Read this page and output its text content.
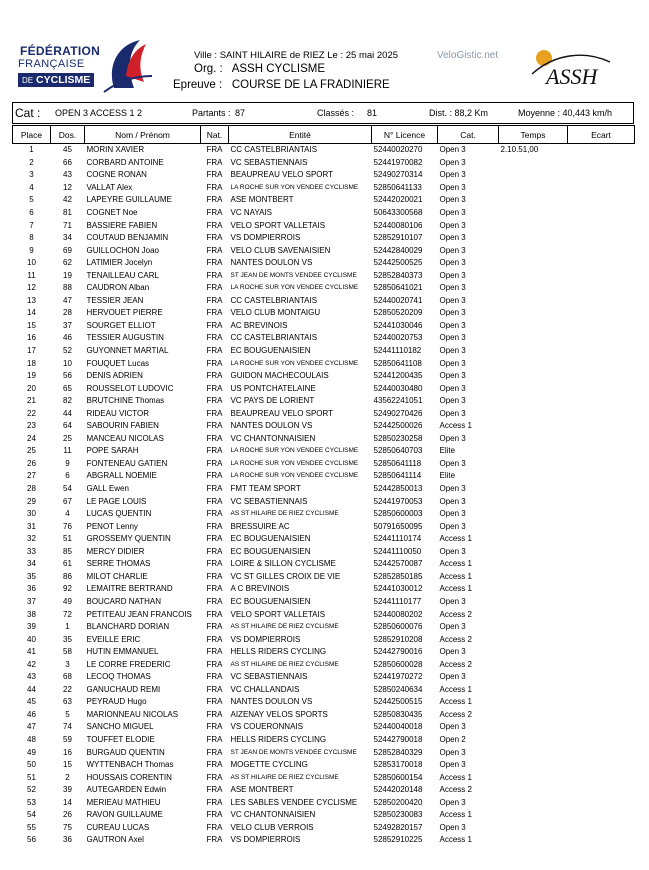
FÉDÉRATION
FRANÇAISE
DE CYCLISME
Ville : SAINT HILAIRE de RIEZ Le : 25 mai 2025	VeloGistic.net
Org. : ASSH CYCLISME
Epreuve : COURSE DE LA FRADINIERE	ASSH
Cat : OPEN 3 ACCESS 1 2	Partants : 87	Classés : 81	Dist. : 88,2 Km	Moyenne : 40,443 km/h
Place	Dos.	Nom / Prénom	Nat.	Entité	N° Licence	Cat.	Temps	Ecart
1	45	MORIN XAVIER	FRA	CC CASTELBRIANTAIS	52440020270	Open 3	2.10.51,00	
2	66	CORBARD ANTOINE	FRA	VC SEBASTIENNAIS	52441970082	Open 3		
3	43	COGNE RONAN	FRA	BEAUPREAU VELO SPORT	52490270314	Open 3		
4	12	VALLAT Alex	FRA	LA ROCHE SUR YON VENDEE CYCLISME	52850641133	Open 3		
5	42	LAPEYRE GUILLAUME	FRA	ASE MONTBERT	52442020021	Open 3		
6	81	COGNET Noe	FRA	VC NAYAIS	50643300568	Open 3		
7	71	BASSIERE FABIEN	FRA	VELO SPORT VALLETAIS	52440080106	Open 3		
8	34	COUTAUD BENJAMIN	FRA	VS DOMPIERROIS	52852910107	Open 3		
9	69	GUILLOCHON Joao	FRA	VELO CLUB SAVENAISIEN	52442840029	Open 3		
10	62	LATIMIER Jocelyn	FRA	NANTES DOULON VS	52442500525	Open 3		
11	19	TENAILLEAU CARL	FRA	ST JEAN DE MONTS VENDEE CYCLISME	52852840373	Open 3		
12	88	CAUDRON Alban	FRA	LA ROCHE SUR YON VENDEE CYCLISME	52850641021	Open 3		
13	47	TESSIER JEAN	FRA	CC CASTELBRIANTAIS	52440020741	Open 3		
14	28	HERVOUET PIERRE	FRA	VELO CLUB MONTAIGU	52850520209	Open 3		
15	37	SOURGET ELLIOT	FRA	AC BREVINOIS	52441030046	Open 3		
16	46	TESSIER AUGUSTIN	FRA	CC CASTELBRIANTAIS	52440020753	Open 3		
17	52	GUYONNET MARTIAL	FRA	EC BOUGUENAISIEN	52441110182	Open 3		
18	10	FOUQUET Lucas	FRA	LA ROCHE SUR YON VENDEE CYCLISME	52850641108	Open 3		
19	56	DENIS ADRIEN	FRA	GUIDON MACHECOULAIS	52441200435	Open 3		
20	65	ROUSSELOT LUDOVIC	FRA	US PONTCHATELAINE	52440030480	Open 3		
21	82	BRUTCHINE Thomas	FRA	VC PAYS DE LORIENT	43562241051	Open 3		
22	44	RIDEAU VICTOR	FRA	BEAUPREAU VELO SPORT	52490270426	Open 3		
23	64	SABOURIN FABIEN	FRA	NANTES DOULON VS	52442500026	Access 1		
24	25	MANCEAU NICOLAS	FRA	VC CHANTONNAISIEN	52850230258	Open 3		
25	11	POPE SARAH	FRA	LA ROCHE SUR YON VENDEE CYCLISME	52850640703	Elite		
26	9	FONTENEAU GATIEN	FRA	LA ROCHE SUR YON VENDEE CYCLISME	52850641118	Open 3		
27	6	ABGRALL NOEMIE	FRA	LA ROCHE SUR YON VENDEE CYCLISME	52850641114	Elite		
28	54	GALL Ewen	FRA	FMT TEAM SPORT	52442850013	Open 3		
29	67	LE PAGE LOUIS	FRA	VC SEBASTIENNAIS	52441970053	Open 3		
30	4	LUCAS QUENTIN	FRA	AS ST HILAIRE DE RIEZ CYCLISME	52850600003	Open 3		
31	76	PENOT Lenny	FRA	BRESSUIRE AC	50791650095	Open 3		
32	51	GROSSEMY QUENTIN	FRA	EC BOUGUENAISIEN	52441110174	Access 1		
33	85	MERCY DIDIER	FRA	EC BOUGUENAISIEN	52441110050	Open 3		
34	61	SERRE THOMAS	FRA	LOIRE & SILLON CYCLISME	52442570087	Access 1		
35	86	MILOT CHARLIE	FRA	VC ST GILLES CROIX DE VIE	52852850185	Access 1		
36	92	LEMAITRE BERTRAND	FRA	A C BREVINOIS	52441030012	Access 1		
37	49	BOUCARD NATHAN	FRA	EC BOUGUENAISIEN	52441110177	Open 3		
38	72	PETITEAU JEAN FRANCOIS	FRA	VELO SPORT VALLETAIS	52440080202	Access 2		
39	1	BLANCHARD DORIAN	FRA	AS ST HILAIRE DE RIEZ CYCLISME	52850600076	Open 3		
40	35	EVEILLE ERIC	FRA	VS DOMPIERROIS	52852910208	Access 2		
41	58	HUTIN EMMANUEL	FRA	HELLS RIDERS CYCLING	52442790016	Open 3		
42	3	LE CORRE FREDERIC	FRA	AS ST HILAIRE DE RIEZ CYCLISME	52850600028	Access 2		
43	68	LECOQ THOMAS	FRA	VC SEBASTIENNAIS	52441970272	Open 3		
44	22	GANUCHAUD REMI	FRA	VC CHALLANDAIS	52850240634	Access 1		
45	63	PEYRAUD Hugo	FRA	NANTES DOULON VS	52442500515	Access 1		
46	5	MARIONNEAU NICOLAS	FRA	AIZENAY VELOS SPORTS	52850830435	Access 2		
47	74	SANCHO MIGUEL	FRA	VS COUERONNAIS	52440040018	Open 3		
48	59	TOUFFET ELODIE	FRA	HELLS RIDERS CYCLING	52442790018	Open 2		
49	16	BURGAUD QUENTIN	FRA	ST JEAN DE MONTS VENDEE CYCLISME	52852840329	Open 3		
50	15	WYTTENBACH Thomas	FRA	MOGETTE CYCLING	52853170018	Open 3		
51	2	HOUSSAIS CORENTIN	FRA	AS ST HILAIRE DE RIEZ CYCLISME	52850600154	Access 1		
52	39	AUTEGARDEN Edwin	FRA	ASE MONTBERT	52442020148	Access 2		
53	14	MERIEAU MATHIEU	FRA	LES SABLES VENDEE CYCLISME	52850200420	Open 3		
54	26	RAVON GUILLAUME	FRA	VC CHANTONNAISIEN	52850230083	Access 1		
55	75	CUREAU LUCAS	FRA	VELO CLUB VERROIS	52492820157	Open 3		
56	36	GAUTRON Axel	FRA	VS DOMPIERROIS	52852910225	Access 1		
